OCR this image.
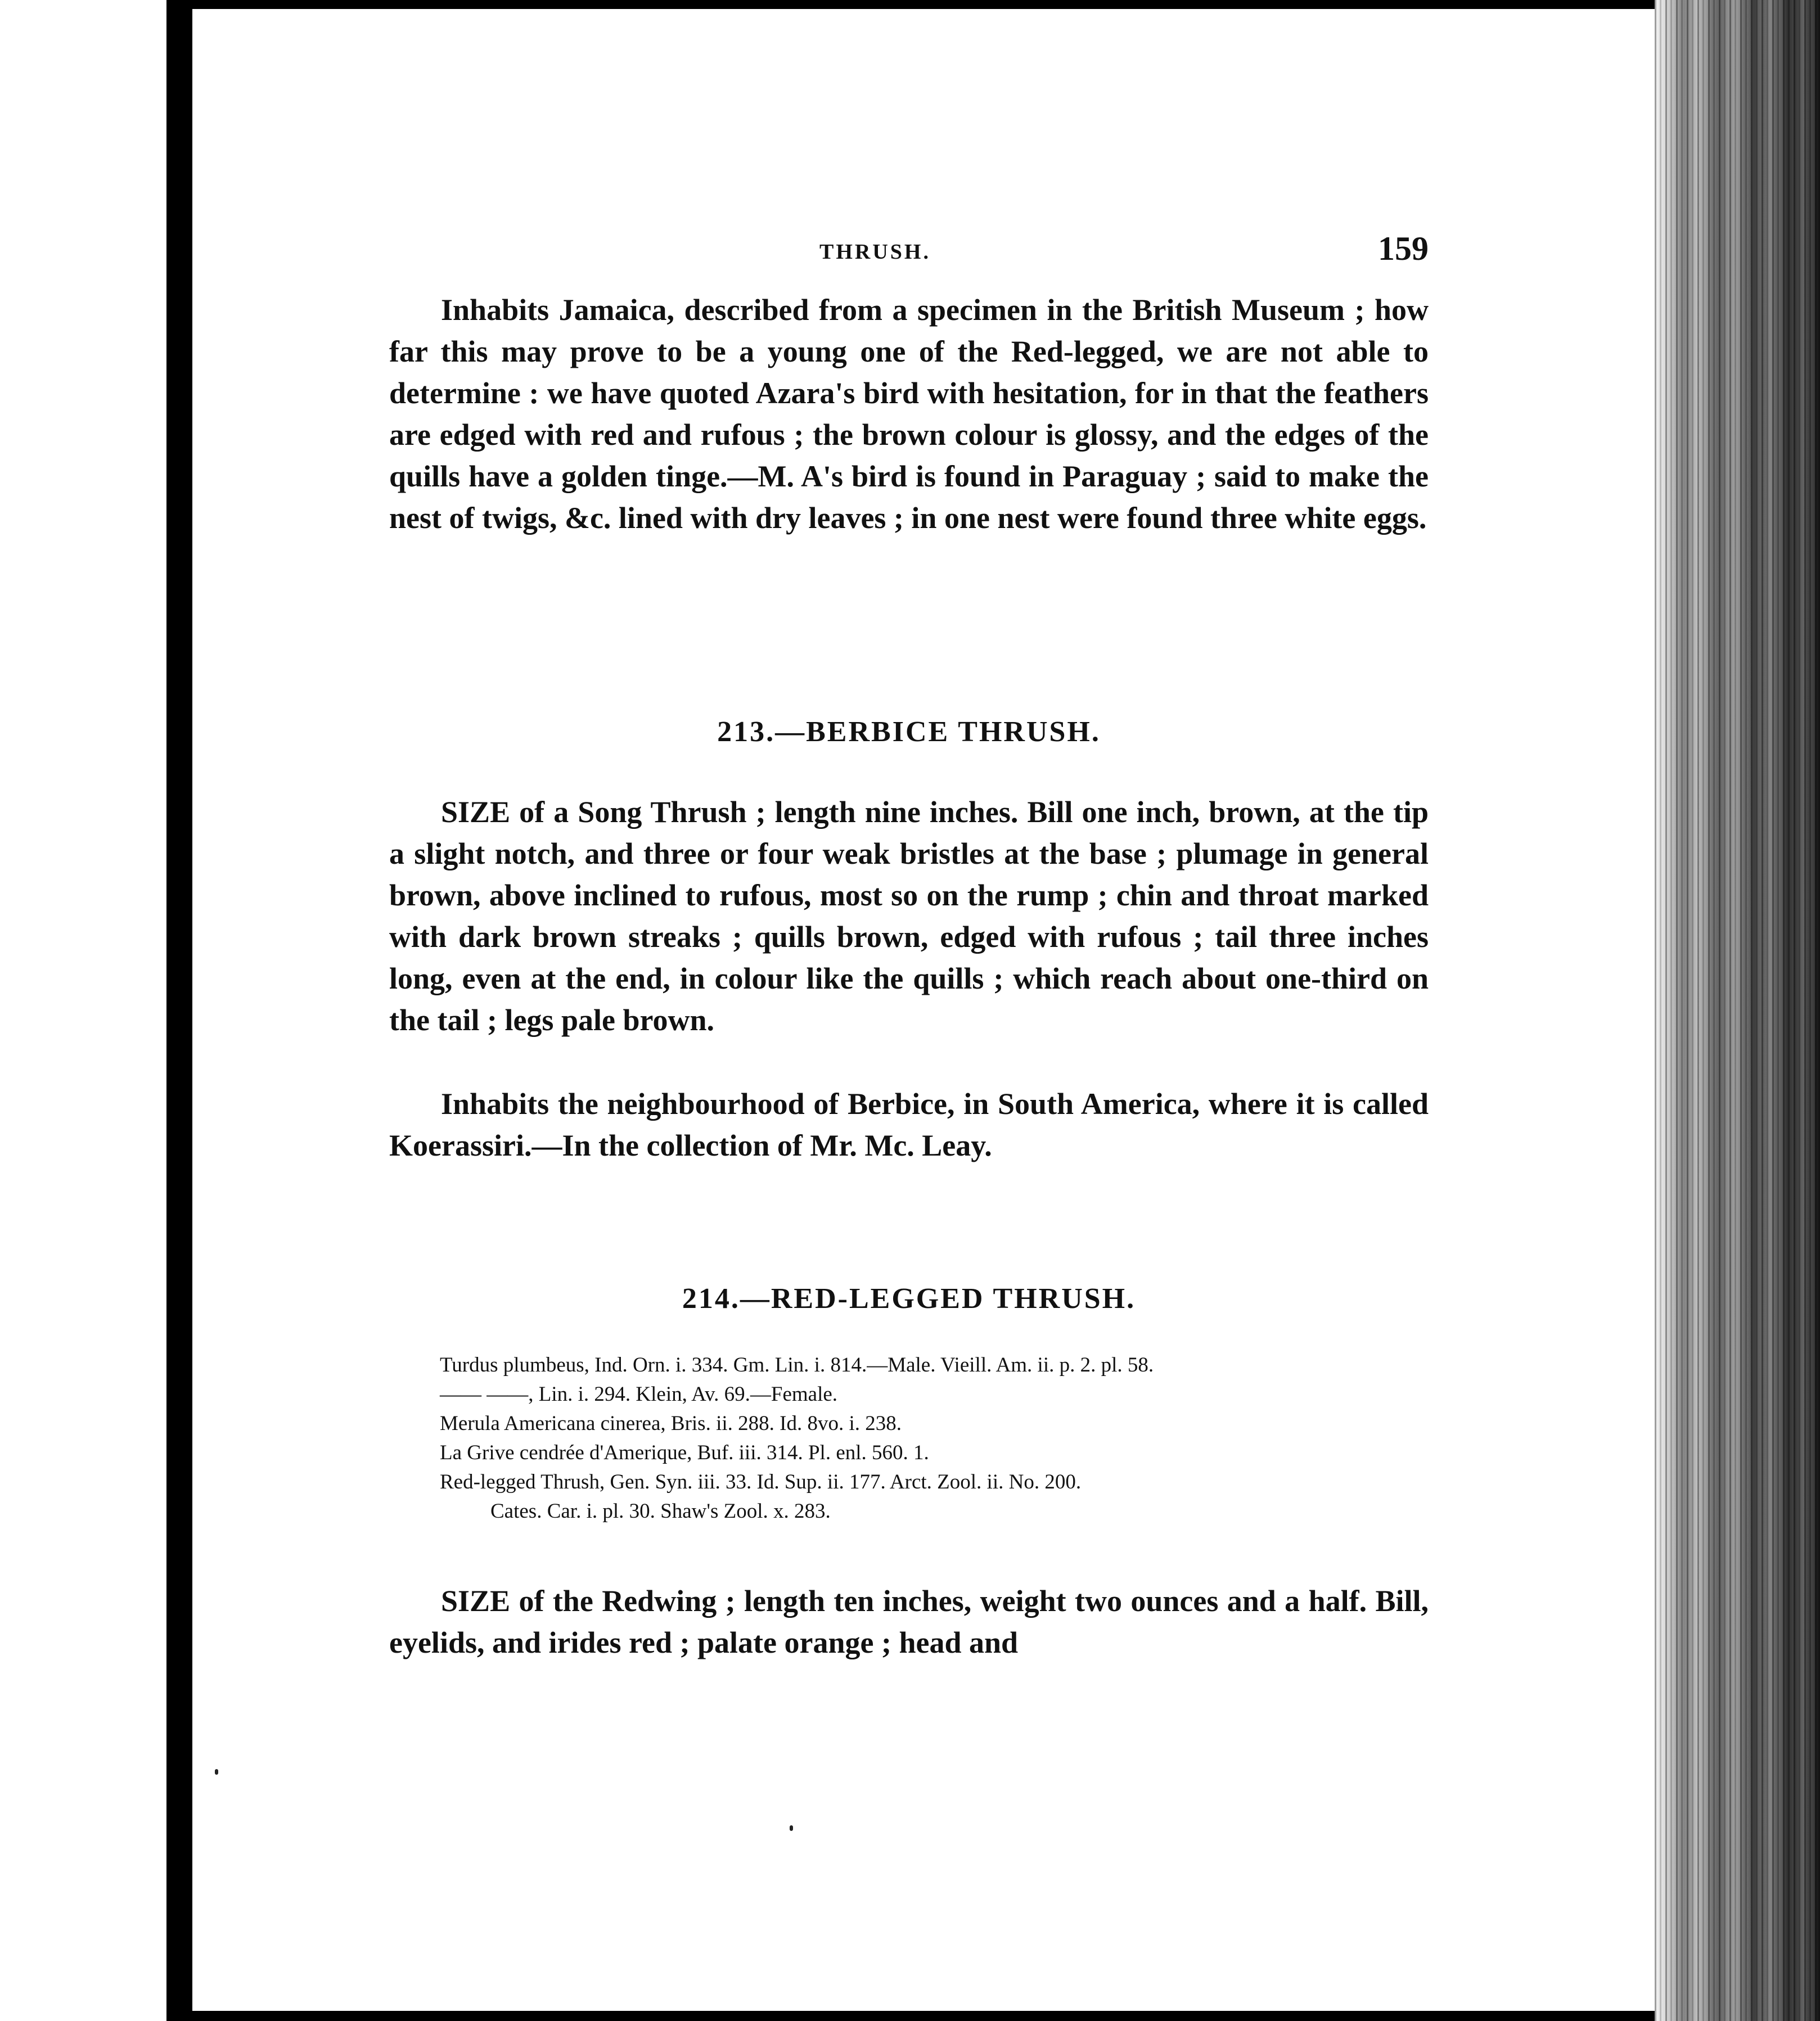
THRUSH.	159

Inhabits Jamaica, described from a specimen in the British Museum ; how far this may prove to be a young one of the Red-legged, we are not able to determine : we have quoted Azara's bird with hesitation, for in that the feathers are edged with red and rufous ; the brown colour is glossy, and the edges of the quills have a golden tinge.—M. A's bird is found in Paraguay ; said to make the nest of twigs, &c. lined with dry leaves ; in one nest were found three white eggs.

213.—BERBICE THRUSH.

SIZE of a Song Thrush ; length nine inches. Bill one inch, brown, at the tip a slight notch, and three or four weak bristles at the base ; plumage in general brown, above inclined to rufous, most so on the rump ; chin and throat marked with dark brown streaks ; quills brown, edged with rufous ; tail three inches long, even at the end, in colour like the quills ; which reach about one-third on the tail ; legs pale brown.

Inhabits the neighbourhood of Berbice, in South America, where it is called Koerassiri.—In the collection of Mr. Mc. Leay.

214.—RED-LEGGED THRUSH.
Turdus plumbeus, Ind. Orn. i. 334. Gm. Lin. i. 814.—Male. Vieill. Am. ii. p. 2. pl. 58.
—— ——, Lin. i. 294. Klein, Av. 69.—Female.
Merula Americana cinerea, Bris. ii. 288. Id. 8vo. i. 238.
La Grive cendrée d'Amerique, Buf. iii. 314. Pl. enl. 560. 1.
Red-legged Thrush, Gen. Syn. iii. 33. Id. Sup. ii. 177. Arct. Zool. ii. No. 200.
Cates. Car. i. pl. 30. Shaw's Zool. x. 283.

SIZE of the Redwing ; length ten inches, weight two ounces and a half. Bill, eyelids, and irides red ; palate orange ; head and
